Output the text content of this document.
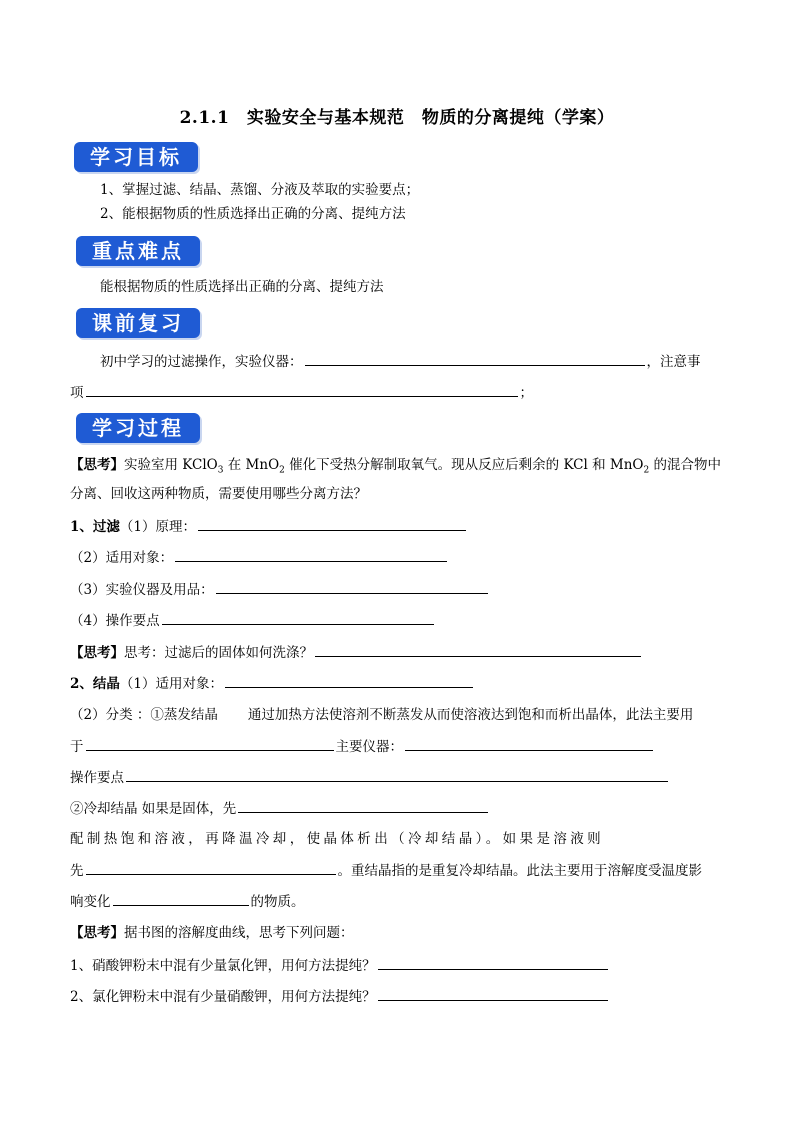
2.1.1　实验安全与基本规范　物质的分离提纯（学案）
学习目标
1、掌握过滤、结晶、蒸馏、分液及萃取的实验要点；
2、能根据物质的性质选择出正确的分离、提纯方法
重点难点
能根据物质的性质选择出正确的分离、提纯方法
课前复习
初中学习的过滤操作，实验仪器：	，注意事
项	；
学习过程
【思考】实验室用 KClO$_3$ 在 MnO$_2$ 催化下受热分解制取氧气。现从反应后剩余的 KCl 和 MnO$_2$ 的混合物中
分离、回收这两种物质，需要使用哪些分离方法？
1、过滤（1）原理：
（2）适用对象：
（3）实验仪器及用品：
（4）操作要点
【思考】思考：过滤后的固体如何洗涤？
2、结晶（1）适用对象：
（2）分类 ：①蒸发结晶 通过加热方法使溶剂不断蒸发从而使溶液达到饱和而析出晶体，此法主要用
于	主要仪器：
操作要点
②冷却结晶 如果是固体，先
配制热饱和溶液，再降温冷却，使晶体析出（冷却结晶）。如果是溶液则
先	。重结晶指的是重复冷却结晶。此法主要用于溶解度受温度影
响变化	的物质。
【思考】据书图的溶解度曲线，思考下列问题：
1、硝酸钾粉末中混有少量氯化钾，用何方法提纯？
2、氯化钾粉末中混有少量硝酸钾，用何方法提纯？
